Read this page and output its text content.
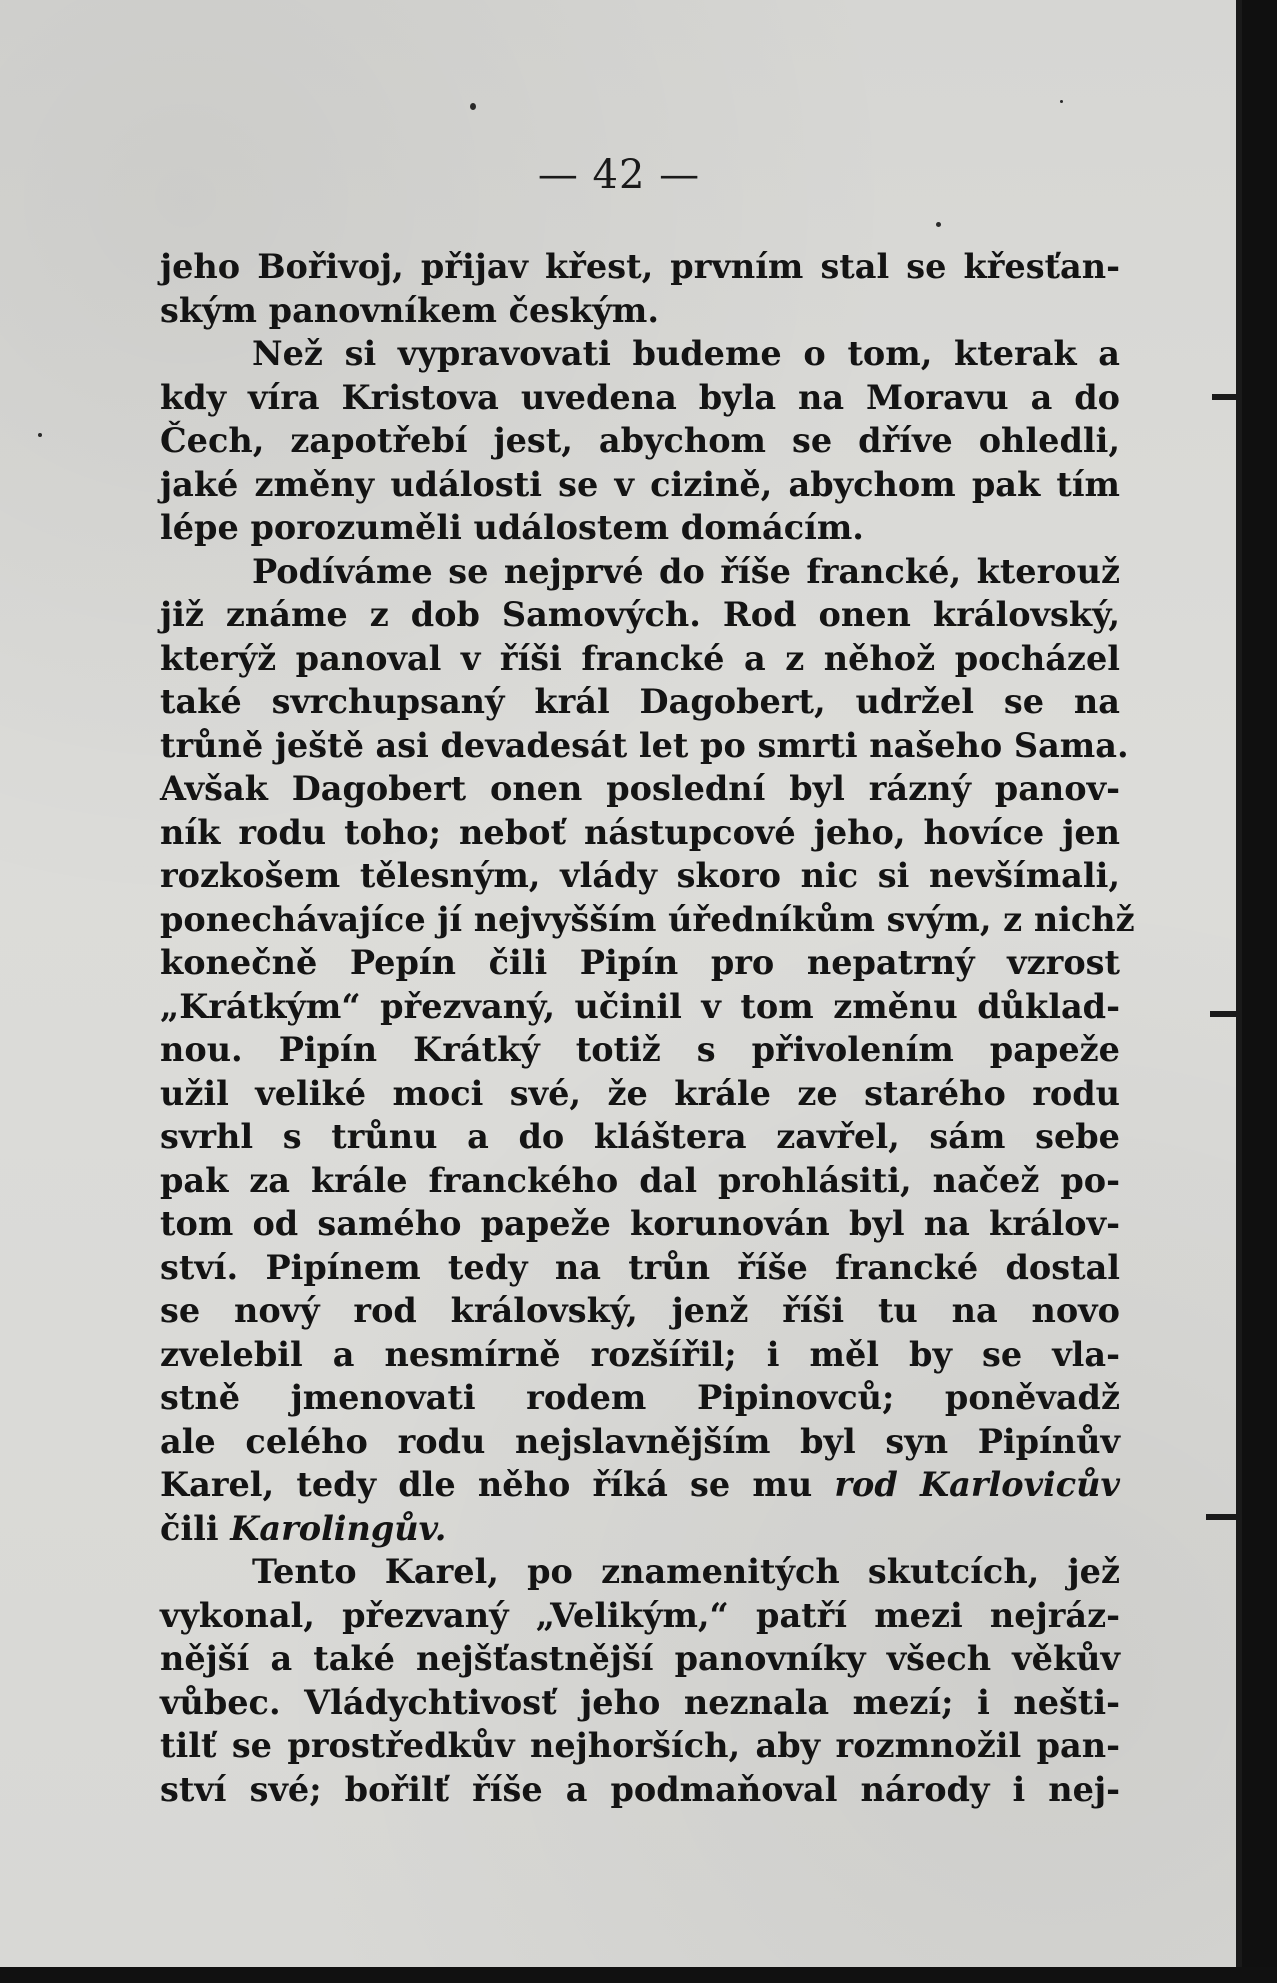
— 42 —
jeho Bořivoj, přijav křest, prvním stal se křesťan-
ským panovníkem českým.
Než si vypravovati budeme o tom, kterak a
kdy víra Kristova uvedena byla na Moravu a do
Čech, zapotřebí jest, abychom se dříve ohledli,
jaké změny události se v cizině, abychom pak tím
lépe porozuměli událostem domácím.
Podíváme se nejprvé do říše francké, kterouž
již známe z dob Samových. Rod onen královský,
kterýž panoval v říši francké a z něhož pocházel
také svrchupsaný král Dagobert, udržel se na
trůně ještě asi devadesát let po smrti našeho Sama.
Avšak Dagobert onen poslední byl rázný panov-
ník rodu toho; neboť nástupcové jeho, hovíce jen
rozkošem tělesným, vlády skoro nic si nevšímali,
ponechávajíce jí nejvyšším úředníkům svým, z nichž
konečně Pepín čili Pipín pro nepatrný vzrost
„Krátkým“ přezvaný, učinil v tom změnu důklad-
nou. Pipín Krátký totiž s přivolením papeže
užil veliké moci své, že krále ze starého rodu
svrhl s trůnu a do kláštera zavřel, sám sebe
pak za krále franckého dal prohlásiti, načež po-
tom od samého papeže korunován byl na králov-
ství. Pipínem tedy na trůn říše francké dostal
se nový rod královský, jenž říši tu na novo
zvelebil a nesmírně rozšířil; i měl by se vla-
stně jmenovati rodem Pipinovců; poněvadž
ale celého rodu nejslavnějším byl syn Pipínův
Karel, tedy dle něho říká se mu rod Karlovicův
čili Karolingův.
Tento Karel, po znamenitých skutcích, jež
vykonal, přezvaný „Velikým,“ patří mezi nejráz-
nější a také nejšťastnější panovníky všech věkův
vůbec. Vládychtivosť jeho neznala mezí; i nešti-
tilť se prostředkův nejhorších, aby rozmnožil pan-
ství své; bořilť říše a podmaňoval národy i nej-
